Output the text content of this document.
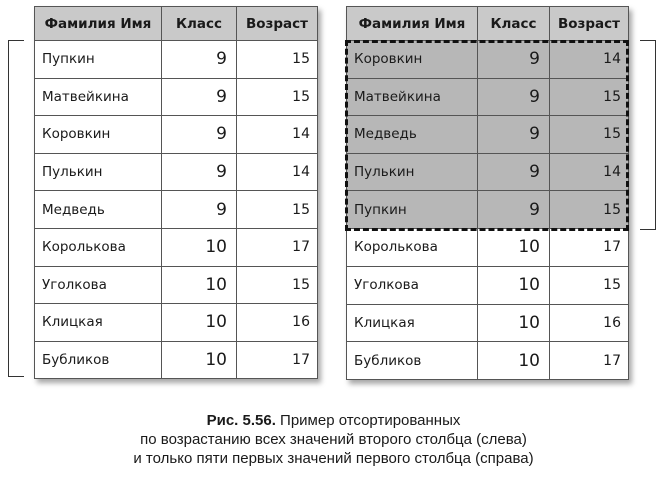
Фамилия Имя	Класс	Возраст
Пупкин	9	15
Матвейкина	9	15
Коровкин	9	14
Пулькин	9	14
Медведь	9	15
Королькова	10	17
Уголкова	10	15
Клицкая	10	16
Бубликов	10	17
Фамилия Имя	Класс	Возраст
Коровкин	9	14
Матвейкина	9	15
Медведь	9	15
Пулькин	9	14
Пупкин	9	15
Королькова	10	17
Уголкова	10	15
Клицкая	10	16
Бубликов	10	17
Рис. 5.56. Пример отсортированных
по возрастанию всех значений второго столбца (слева)
и только пяти первых значений первого столбца (справа)
